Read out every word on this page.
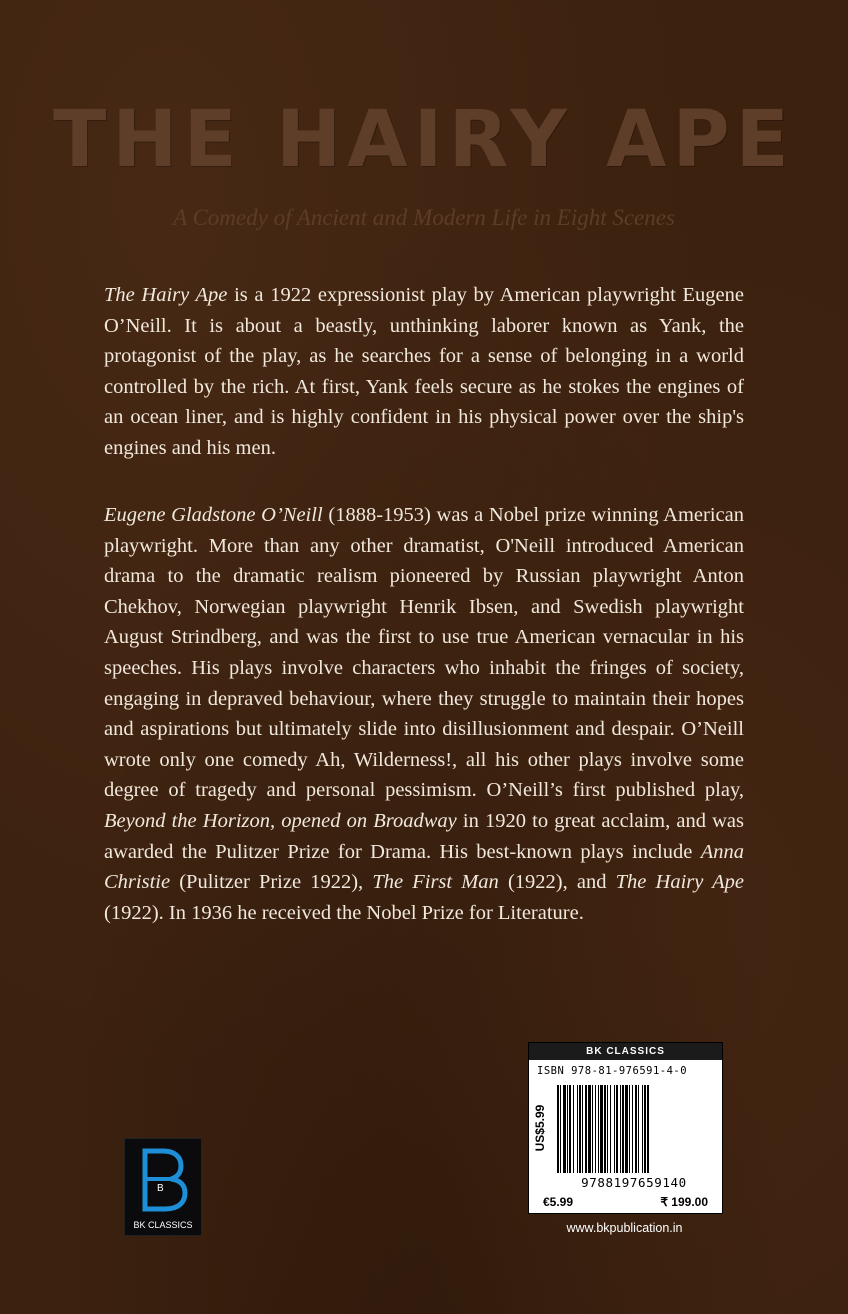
THE HAIRY APE
A Comedy of Ancient and Modern Life in Eight Scenes

The Hairy Ape is a 1922 expressionist play by American playwright Eugene O’Neill. It is about a beastly, unthinking laborer known as Yank, the protagonist of the play, as he searches for a sense of belonging in a world controlled by the rich. At first, Yank feels secure as he stokes the engines of an ocean liner, and is highly confident in his physical power over the ship's engines and his men.

Eugene Gladstone O’Neill (1888-1953) was a Nobel prize winning American playwright. More than any other dramatist, O'Neill introduced American drama to the dramatic realism pioneered by Russian playwright Anton Chekhov, Norwegian playwright Henrik Ibsen, and Swedish playwright August Strindberg, and was the first to use true American vernacular in his speeches. His plays involve characters who inhabit the fringes of society, engaging in depraved behaviour, where they struggle to maintain their hopes and aspirations but ultimately slide into disillusionment and despair. O’Neill wrote only one comedy Ah, Wilderness!, all his other plays involve some degree of tragedy and personal pessimism. O’Neill’s first published play, Beyond the Horizon, opened on Broadway in 1920 to great acclaim, and was awarded the Pulitzer Prize for Drama. His best-known plays include Anna Christie (Pulitzer Prize 1922), The First Man (1922), and The Hairy Ape (1922). In 1936 he received the Nobel Prize for Literature.

B
BK CLASSICS
BK CLASSICS
ISBN 978-81-976591-4-0
US$5.99
9788197659140
€5.99	₹ 199.00
www.bkpublication.in
